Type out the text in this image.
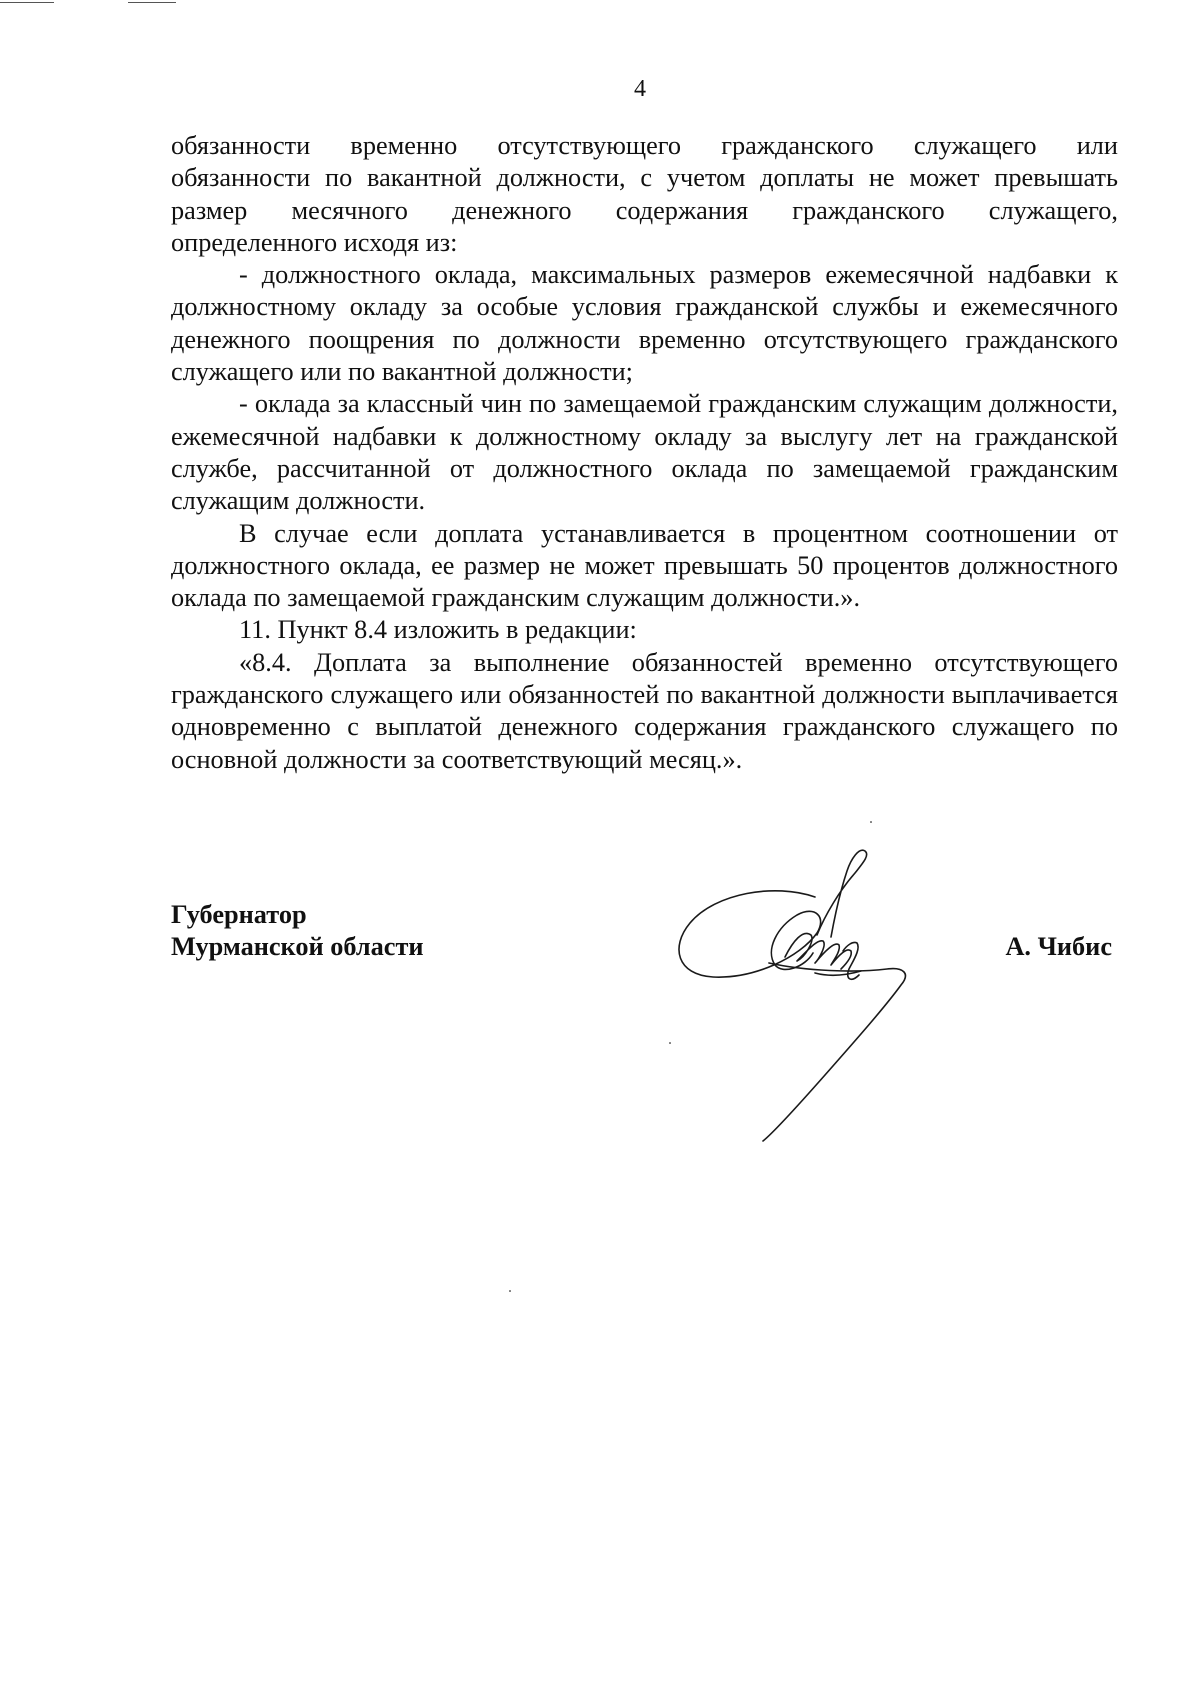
4

обязанности временно отсутствующего гражданского служащего или

обязанности по вакантной должности, с учетом доплаты не может превышать

размер месячного денежного содержания гражданского служащего,

определенного исходя из:

- должностного оклада, максимальных размеров ежемесячной надбавки к должностному окладу за особые условия гражданской службы и ежемесячного денежного поощрения по должности временно отсутствующего гражданского служащего или по вакантной должности;

- оклада за классный чин по замещаемой гражданским служащим должности, ежемесячной надбавки к должностному окладу за выслугу лет на гражданской службе, рассчитанной от должностного оклада по замещаемой гражданским служащим должности.

В случае если доплата устанавливается в процентном соотношении от должностного оклада, ее размер не может превышать 50 процентов должностного оклада по замещаемой гражданским служащим должности.».

11. Пункт 8.4 изложить в редакции:

«8.4. Доплата за выполнение обязанностей временно отсутствующего гражданского служащего или обязанностей по вакантной должности выплачивается одновременно с выплатой денежного содержания гражданского служащего по основной должности за соответствующий месяц.».

Губернатор
Мурманской области	А. Чибис
